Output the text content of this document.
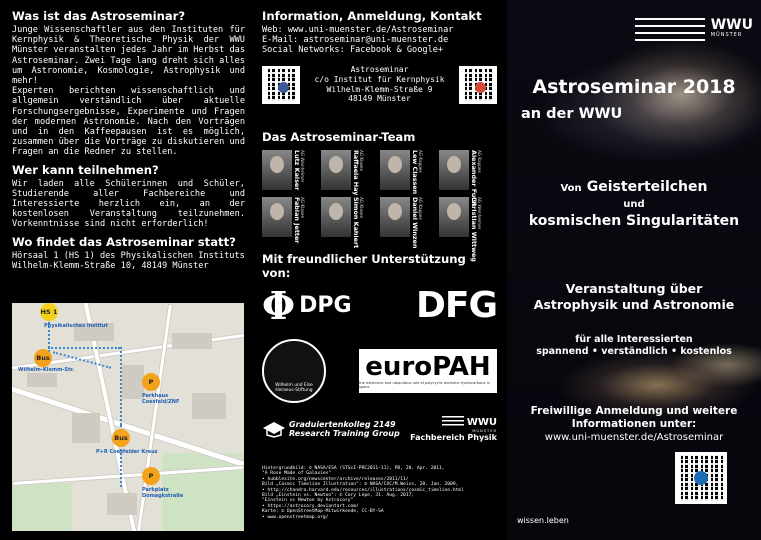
Was ist das Astroseminar?
Junge Wissenschaftler aus den Instituten für Kernphysik & Theoretische Physik der WWU Münster veranstalten jedes Jahr im Herbst das Astroseminar. Zwei Tage lang dreht sich alles um Astronomie, Kosmologie, Astrophysik und mehr!
Experten berichten wissenschaftlich und allgemein verständlich über aktuelle Forschungsergebnisse, Experimente und Fragen der modernen Astronomie. Nach den Vorträgen und in den Kaffeepausen ist es möglich, zusammen über die Vorträge zu diskutieren und Fragen an die Redner zu stellen.
Wer kann teilnehmen?
Wir laden alle Schülerinnen und Schüler, Studierende aller Fachbereiche und Interessierte herzlich ein, an der kostenlosen Veranstaltung teilzunehmen. Vorkenntnisse sind nicht erforderlich!
Wo findet das Astroseminar statt?
Hörsaal 1 (HS 1) des Physikalischen Instituts
Wilhelm-Klemm-Straße 10, 48149 Münster
HS 1
Physikalisches Institut
Bus
Wilhelm-Klemm-Str.
P
Parkhaus
Coesfeld/ZNF
Bus
P+R Coesfelder Kreuz
P
Parkplatz
Domagkstraße
Information, Anmeldung, Kontakt
Web: www.uni-muenster.de/Astroseminar
E-Mail: astroseminar@uni-muenster.de
Social Networks: Facebook & Google+
Astroseminar
c/o Institut für Kernphysik
Wilhelm-Klemm-Straße 9
48149 Münster
Das Astroseminar-Team
Lutz Kaiser AG Weinheimer	Raffaela Hay AG Klasen	Lew Classen AG Kappes	Alexander Fulst AG Kappes
Fabian Jetter AG Klasen	Simon Kahlert AG Klasen	Daniel Winzen AG Kappes	Christian Wittweg AG Weinheimer
Mit freundlicher Unterstützung von:
Φ DPG DFG
Wilhelm und Else Heraeus-Stiftung
euroPAH
the extensive and ubiquitous role of polycyclic aromatic hydrocarbons in space
Graduiertenkolleg 2149
Research Training Group
WWU
MÜNSTER
Fachbereich Physik
Hintergrundbild: © NASA/ESA (STScI-PRC2011-11), PD, 20. Apr. 2011,
"A Rose Made of Galaxies"
• hubblesite.org/newscenter/archive/releases/2011/11/
Bild „Cosmic Timeline Illustration": © NASA/CXC/M.Weiss, 28. Jan. 2009,
• http://chandra.harvard.edu/resources/illustrations/cosmic_timeline.html
Bild „Einstein vs. Newton": © Cory Lepe, 31. Aug. 2017,
"Einstein vs Newton by Astrocory"
• https://astrocory.deviantart.com/
Karte: © OpenStreetMap-Mitwirkende, CC-BY-SA
• www.openstreetmap.org/
WWU
MÜNSTER
Astroseminar 2018
an der WWU
Von Geisterteilchen
und
kosmischen Singularitäten
Veranstaltung über
Astrophysik und Astronomie
für alle Interessierten
spannend • verständlich • kostenlos
Freiwillige Anmeldung und weitere
Informationen unter:
www.uni-muenster.de/Astroseminar
wissen.leben
